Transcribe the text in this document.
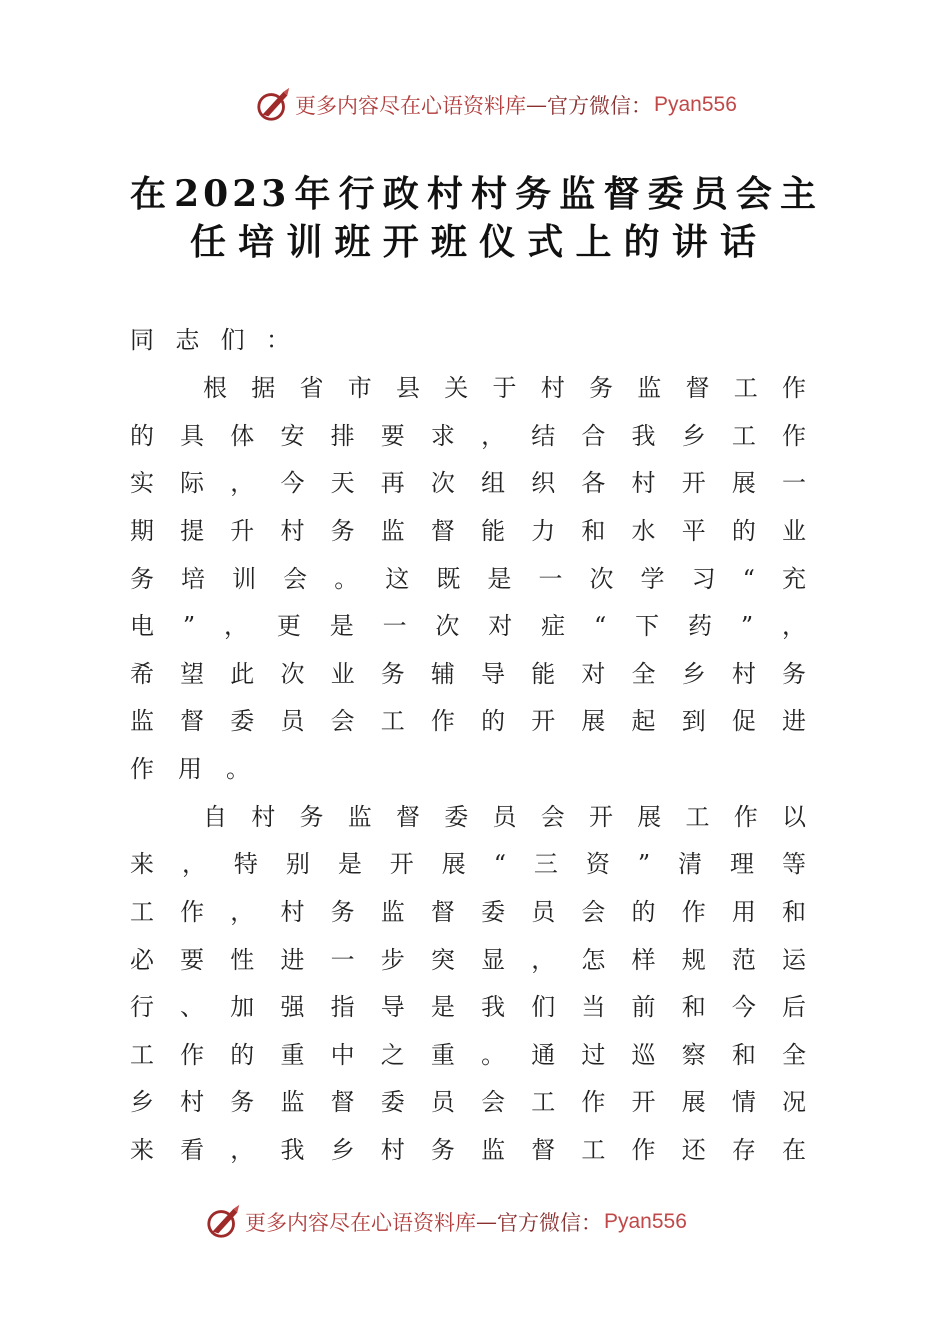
更多内容尽在心语资料库 — 官方微信： Pyan556
在2023年行政村村务监督委员会主
任培训班开班仪式上的讲话
同志们：
根据省市县关于村务监督工作
的具体安排要求，结合我乡工作
实际，今天再次组织各村开展一
期提升村务监督能力和水平的业
务培训会。这既是一次学习“充
电”，更是一次对症“下药”，
希望此次业务辅导能对全乡村务
监督委员会工作的开展起到促进
作用。
自村务监督委员会开展工作以
来，特别是开展“三资”清理等
工作，村务监督委员会的作用和
必要性进一步突显，怎样规范运
行、加强指导是我们当前和今后
工作的重中之重。通过巡察和全
乡村务监督委员会工作开展情况
来看，我乡村务监督工作还存在
更多内容尽在心语资料库 — 官方微信： Pyan556
